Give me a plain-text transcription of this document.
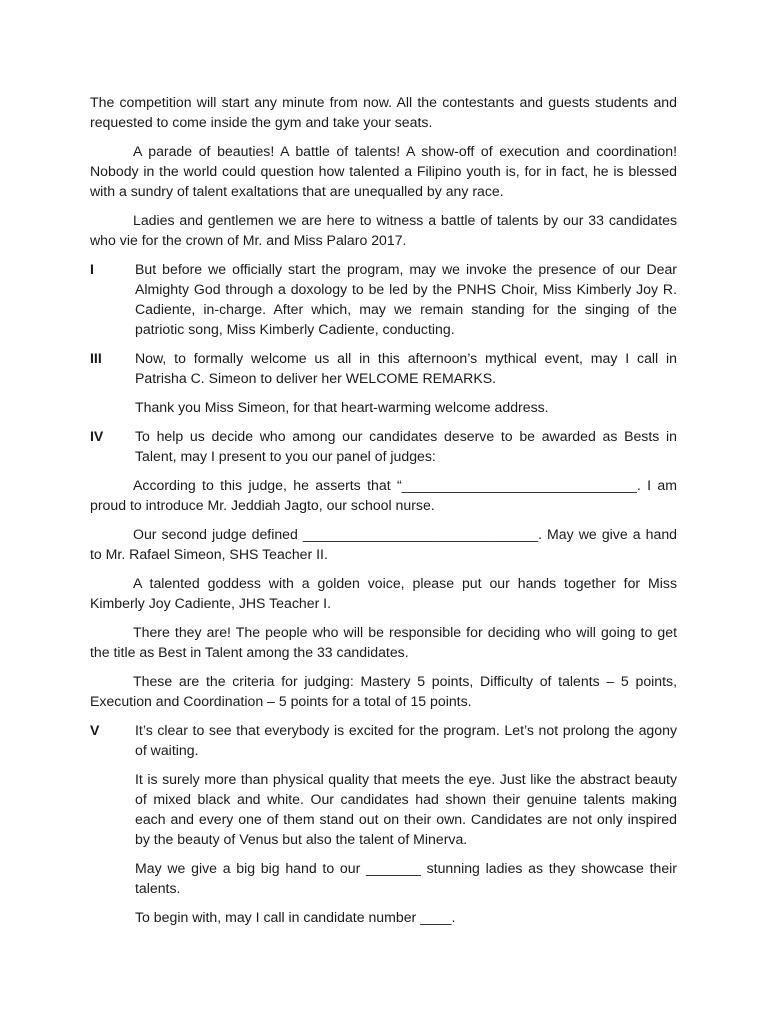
The competition will start any minute from now. All the contestants and guests students and requested to come inside the gym and take your seats.

A parade of beauties! A battle of talents! A show-off of execution and coordination! Nobody in the world could question how talented a Filipino youth is, for in fact, he is blessed with a sundry of talent exaltations that are unequalled by any race.

Ladies and gentlemen we are here to witness a battle of talents by our 33 candidates who vie for the crown of Mr. and Miss Palaro 2017.

I	But before we officially start the program, may we invoke the presence of our Dear Almighty God through a doxology to be led by the PNHS Choir, Miss Kimberly Joy R. Cadiente, in-charge. After which, may we remain standing for the singing of the patriotic song, Miss Kimberly Cadiente, conducting.

III Now, to formally welcome us all in this afternoon’s mythical event, may I call in Patrisha C. Simeon to deliver her WELCOME REMARKS.

Thank you Miss Simeon, for that heart-warming welcome address.

IV To help us decide who among our candidates deserve to be awarded as Bests in Talent, may I present to you our panel of judges:

According to this judge, he asserts that “______________________________. I am proud to introduce Mr. Jeddiah Jagto, our school nurse.

Our second judge defined ______________________________. May we give a hand to Mr. Rafael Simeon, SHS Teacher II.

A talented goddess with a golden voice, please put our hands together for Miss Kimberly Joy Cadiente, JHS Teacher I.

There they are! The people who will be responsible for deciding who will going to get the title as Best in Talent among the 33 candidates.

These are the criteria for judging: Mastery 5 points, Difficulty of talents – 5 points, Execution and Coordination – 5 points for a total of 15 points.

V	It’s clear to see that everybody is excited for the program. Let’s not prolong the agony of waiting.

It is surely more than physical quality that meets the eye. Just like the abstract beauty of mixed black and white. Our candidates had shown their genuine talents making each and every one of them stand out on their own. Candidates are not only inspired by the beauty of Venus but also the talent of Minerva.

May we give a big big hand to our _______ stunning ladies as they showcase their talents.

To begin with, may I call in candidate number ____.
